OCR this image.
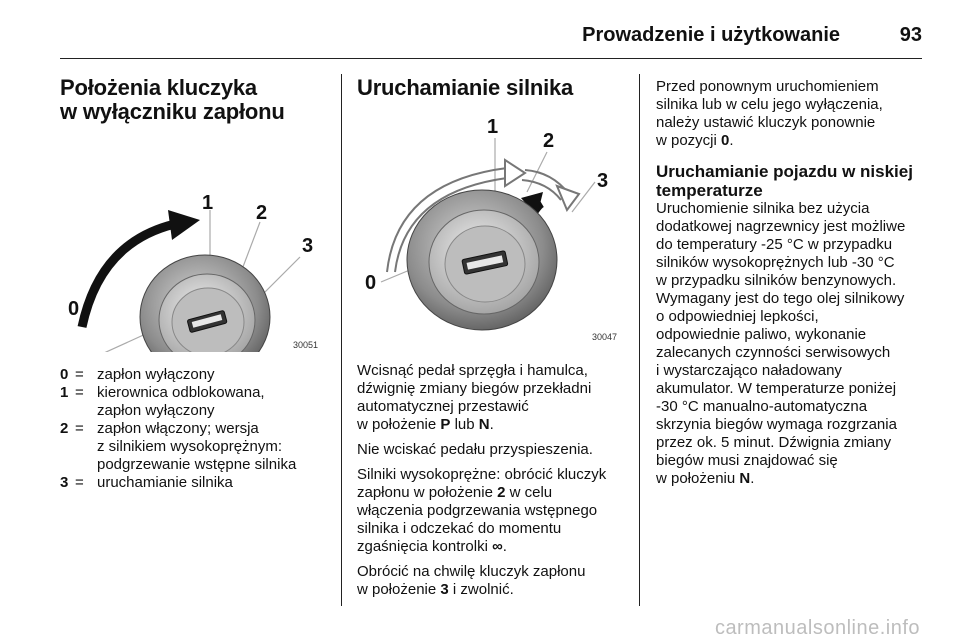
Prowadzenie i użytkowanie	93
Położenia kluczyka
w wyłączniku zapłonu
0
1 2
3
30051
0 = zapłon wyłączony
1 = kierownica odblokowana,
zapłon wyłączony
2 = zapłon włączony; wersja
z silnikiem wysokoprężnym:
podgrzewanie wstępne silnika
3 = uruchamianie silnika
Uruchamianie silnika
0
1
2
3
30047

Wcisnąć pedał sprzęgła i hamulca,
dźwignię zmiany biegów przekładni
automatycznej przestawić
w położenie P lub N.

Nie wciskać pedału przyspieszenia.

Silniki wysokoprężne: obrócić kluczyk
zapłonu w położenie 2 w celu
włączenia podgrzewania wstępnego
silnika i odczekać do momentu
zgaśnięcia kontrolki ∞.

Obrócić na chwilę kluczyk zapłonu
w położenie 3 i zwolnić.

Przed ponownym uruchomieniem
silnika lub w celu jego wyłączenia,
należy ustawić kluczyk ponownie
w pozycji 0.

Uruchamianie pojazdu w niskiej
temperaturze

Uruchomienie silnika bez użycia
dodatkowej nagrzewnicy jest możliwe
do temperatury -25 °C w przypadku
silników wysokoprężnych lub -30 °C
w przypadku silników benzynowych.
Wymagany jest do tego olej silnikowy
o odpowiedniej lepkości,
odpowiednie paliwo, wykonanie
zalecanych czynności serwisowych
i wystarczająco naładowany
akumulator. W temperaturze poniżej
-30 °C manualno-automatyczna
skrzynia biegów wymaga rozgrzania
przez ok. 5 minut. Dźwignia zmiany
biegów musi znajdować się
w położeniu N.

carmanualsonline.info
